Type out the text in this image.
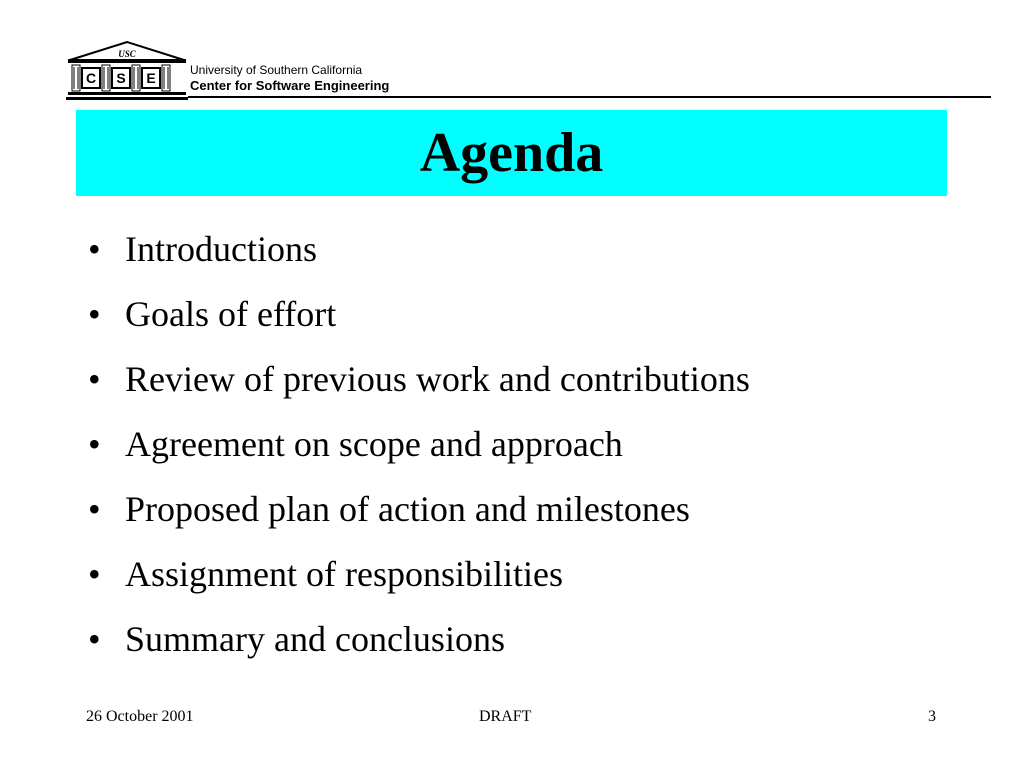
USC
C	S	E	University of Southern California
Center for Software Engineering
Agenda
• Introductions
• Goals of effort
• Review of previous work and contributions
• Agreement on scope and approach
• Proposed plan of action and milestones
• Assignment of responsibilities
• Summary and conclusions
26 October 2001	DRAFT	3
